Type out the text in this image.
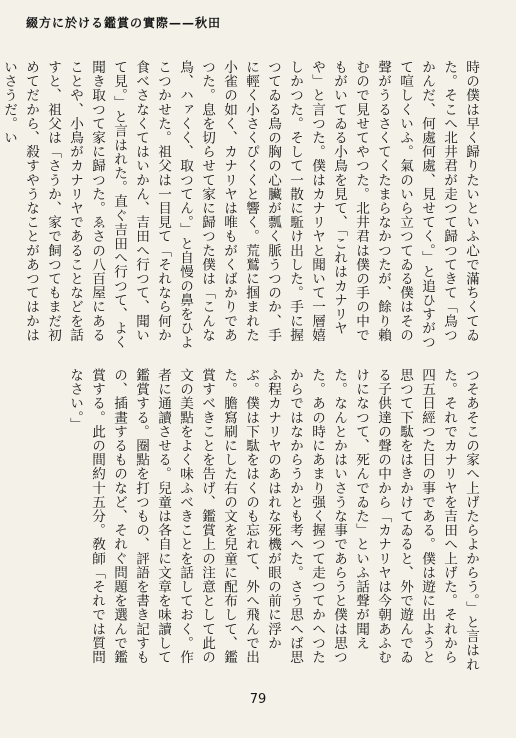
綴方に於ける鑑賞の實際——秋田
時の僕は早く歸りたいといふ心で滿ちくてゐた。そこへ北井君が走つて歸つてきて「鳥つかんだ、何處何處、見せてく。」と追ひすがつて喧しくいふ。氣のいら立つてゐる僕はその聲がうるさくてくたまらなかつたが、餘り賴むので見せてやつた。北井君は僕の手の中でもがいてゐる小鳥を見て、「これはカナリヤや」と言つた。僕はカナリヤと聞いて一層嬉しかつた。そして一散に駈け出した。手に握つてゐる鳥の胸の心臟が瓢く脈うつのか、手に輕く小さくぴくくと響く。荒鷲に掴まれた小雀の如く、カナリヤは唯もがくばかりであつた。息を切らせて家に歸つた僕は「こんな鳥、ハァくく、取つてん。」と自慢の鼻をひよこつかせた。祖父は一目見て「それなら何か食べさなくてはいかん、吉田へ行つて、聞いて見。」と言はれた。直ぐ吉田へ行つて、よく聞き取つて家に歸つた。ゑさの八百屋にあることや、小鳥がカナリヤであることなどを話すと、祖父は「さうか、家で飼つてもまだ初めてだから、殺すやうなことがあつてはかはいさうだ。い
つそあそこの家へ上げたらよからう。」と言はれた。それでカナリヤを吉田へ上げた。それから四五日經つた日の事である。僕は遊に出ようと思つて下駄をはきかけてゐると、外で遊んでゐる子供達の聲の中から「カナリヤは今朝あふむけになつて、死んでゐた」といふ話聲が聞えた。なんとかはいさうな事であらうと僕は思つた。あの時にあまり强く握つて走つてかへつたからではなからうかとも考へた。さう思へば思ふ程カナリヤのあはれな死機が眼の前に浮かぶ。僕は下駄をはくのも忘れて、外へ飛んで出た。膽寫刷にした右の文を兒童に配布して、鑑賞すべきことを告げ、鑑賞上の注意として此の文の美點をよく味ふべきことを話しておく。作者に通讀させる。兒童は各自に文章を味讀して鑑賞する。圈點を打つもの、評語を書き記すもの、插畫するものなど、それぐ問題を選んで鑑賞する。此の間約十五分。敎師「それでは質問なさい。」
79
